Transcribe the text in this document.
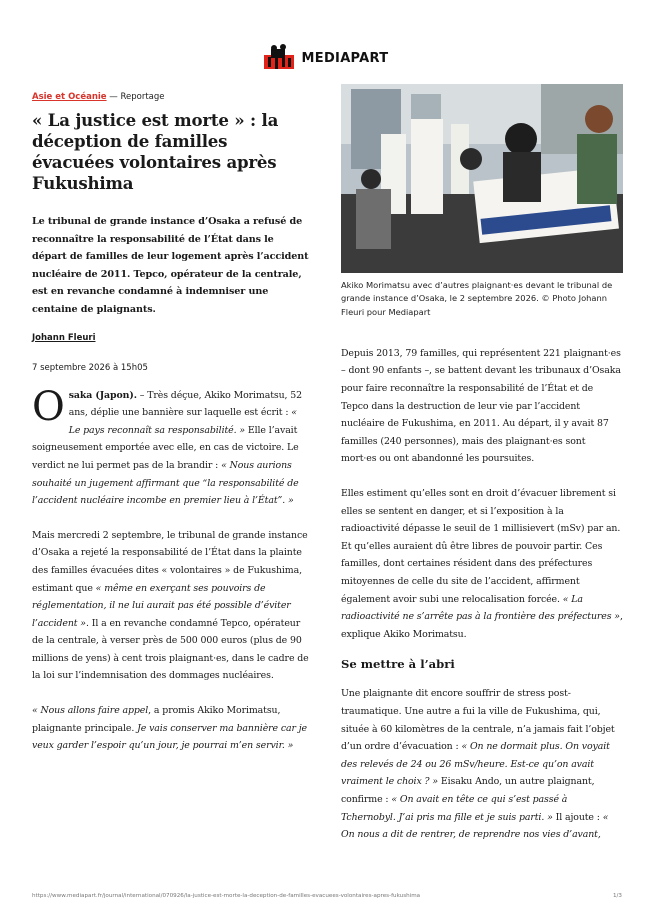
MEDIAPART
Asie et Océanie — Reportage
« La justice est morte » : la déception de familles évacuées volontaires après Fukushima
Le tribunal de grande instance d’Osaka a refusé de reconnaître la responsabilité de l’État dans le départ de familles de leur logement après l’accident nucléaire de 2011. Tepco, opérateur de la centrale, est en revanche condamné à indemniser une centaine de plaignants.
Johann Fleuri
7 septembre 2026 à 15h05

Osaka (Japon). – Très déçue, Akiko Morimatsu, 52 ans, déplie une bannière sur laquelle est écrit : « Le pays reconnaît sa responsabilité. » Elle l’avait soigneusement emportée avec elle, en cas de victoire. Le verdict ne lui permet pas de la brandir : « Nous aurions souhaité un jugement affirmant que “la responsabilité de l’accident nucléaire incombe en premier lieu à l’État”. »

Mais mercredi 2 septembre, le tribunal de grande instance d’Osaka a rejeté la responsabilité de l’État dans la plainte des familles évacuées dites « volontaires » de Fukushima, estimant que « même en exerçant ses pouvoirs de réglementation, il ne lui aurait pas été possible d’éviter l’accident ». Il a en revanche condamné Tepco, opérateur de la centrale, à verser près de 500 000 euros (plus de 90 millions de yens) à cent trois plaignant·es, dans le cadre de la loi sur l’indemnisation des dommages nucléaires.

« Nous allons faire appel, a promis Akiko Morimatsu, plaignante principale. Je vais conserver ma bannière car je veux garder l’espoir qu’un jour, je pourrai m’en servir. »

Akiko Morimatsu avec d’autres plaignant·es devant le tribunal de grande instance d’Osaka, le 2 septembre 2026. © Photo Johann Fleuri pour Mediapart

Depuis 2013, 79 familles, qui représentent 221 plaignant·es – dont 90 enfants –, se battent devant les tribunaux d’Osaka pour faire reconnaître la responsabilité de l’État et de Tepco dans la destruction de leur vie par l’accident nucléaire de Fukushima, en 2011. Au départ, il y avait 87 familles (240 personnes), mais des plaignant·es sont mort·es ou ont abandonné les poursuites.

Elles estiment qu’elles sont en droit d’évacuer librement si elles se sentent en danger, et si l’exposition à la radioactivité dépasse le seuil de 1 millisievert (mSv) par an. Et qu’elles auraient dû être libres de pouvoir partir. Ces familles, dont certaines résident dans des préfectures mitoyennes de celle du site de l’accident, affirment également avoir subi une relocalisation forcée. « La radioactivité ne s’arrête pas à la frontière des préfectures », explique Akiko Morimatsu.

Se mettre à l’abri

Une plaignante dit encore souffrir de stress post-traumatique. Une autre a fui la ville de Fukushima, qui, située à 60 kilomètres de la centrale, n’a jamais fait l’objet d’un ordre d’évacuation : « On ne dormait plus. On voyait des relevés de 24 ou 26 mSv/heure. Est-ce qu’on avait vraiment le choix ? » Eisaku Ando, un autre plaignant, confirme : « On avait en tête ce qui s’est passé à Tchernobyl. J’ai pris ma fille et je suis parti. » Il ajoute : « On nous a dit de rentrer, de reprendre nos vies d’avant,

https://www.mediapart.fr/journal/international/070926/la-justice-est-morte-la-deception-de-familles-evacuees-volontaires-apres-fukushima	1/3
